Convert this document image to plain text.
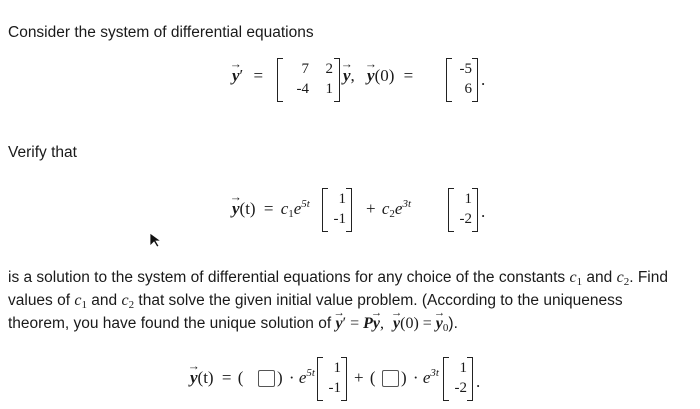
Consider the system of differential equations
→ y′ =	7	2
-4	1
→ y, → y(0) =	-5
6 .
Verify that
→ $y(t) = c1e^{5t}$	1
-1
+ $c2e^{3t}$	1
-2 .
is a solution to the system of differential equations for any choice of the constants c1 and c2. Find
values of c1 and c2 that solve the given initial value problem. (According to the uniqueness
theorem, you have found the unique solution of → y′ = P→ y, → y(0) = → y0).
→ y(t) = ( ) · $e^{5t}$	1
-1
+ ( ) · $e^{3t}$	1
-2 .
